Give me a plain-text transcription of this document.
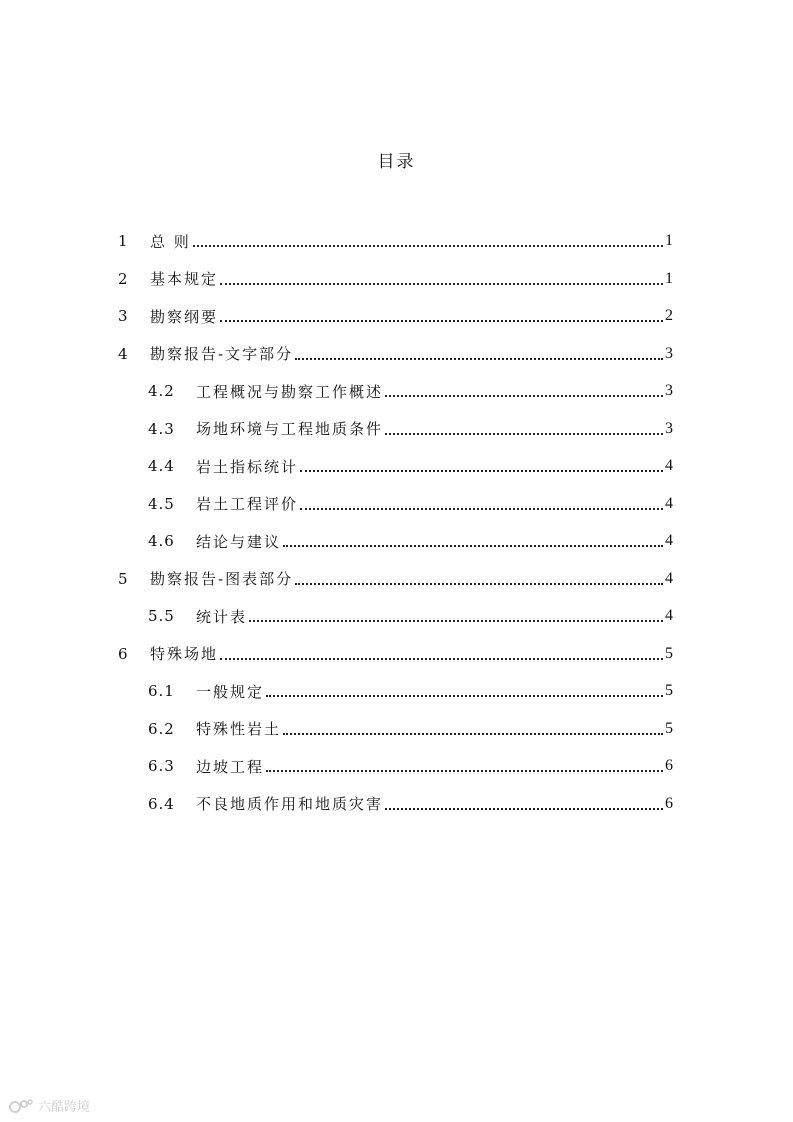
目录
1	总 则	1
2	基本规定	1
3	勘察纲要	2
4	勘察报告-文字部分	3
4.2	工程概况与勘察工作概述	3
4.3	场地环境与工程地质条件	3
4.4	岩土指标统计	4
4.5	岩土工程评价	4
4.6	结论与建议	4
5	勘察报告-图表部分	4
5.5	统计表	4
6	特殊场地	5
6.1	一般规定	5
6.2	特殊性岩土	5
6.3	边坡工程	6
6.4	不良地质作用和地质灾害	6
六酷跨境
